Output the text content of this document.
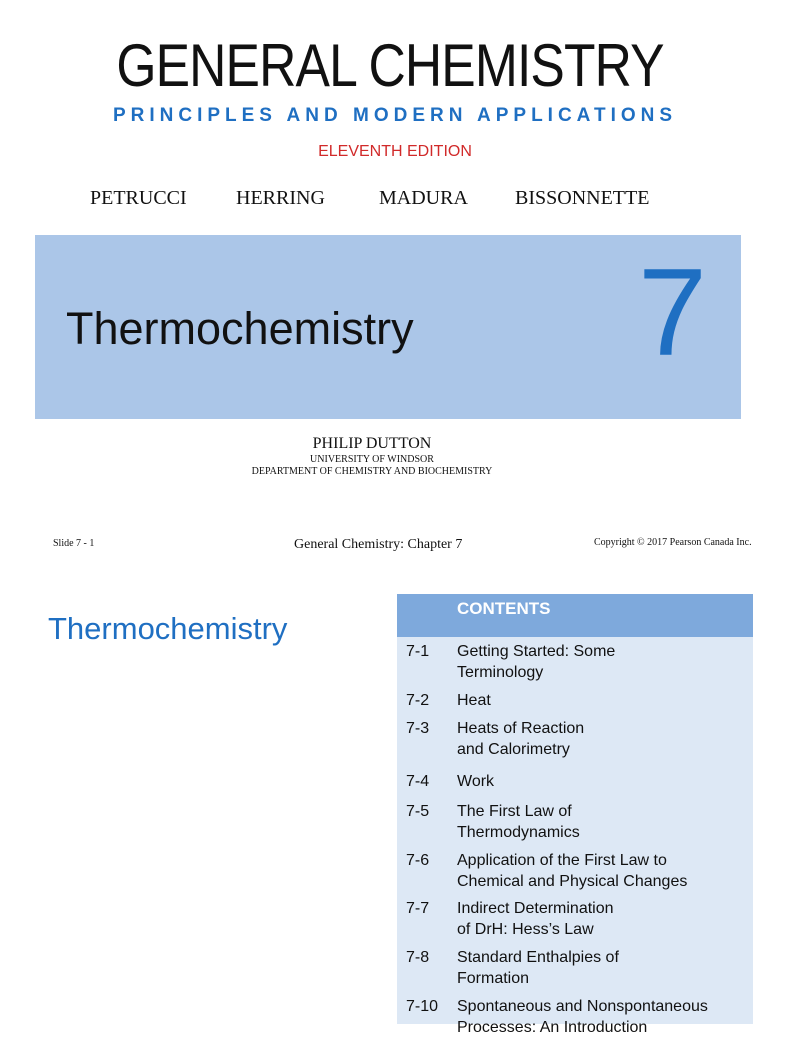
GENERAL CHEMISTRY
PRINCIPLES AND MODERN APPLICATIONS
ELEVENTH EDITION
PETRUCCI HERRING	MADURA BISSONNETTE
Thermochemistry 7
PHILIP DUTTON
UNIVERSITY OF WINDSOR
DEPARTMENT OF CHEMISTRY AND BIOCHEMISTRY
Slide 7 - 1	General Chemistry: Chapter 7	Copyright © 2017 Pearson Canada Inc.
Thermochemistry
CONTENTS
7-1 Getting Started: Some
Terminology
7-2 Heat
7-3 Heats of Reaction
and Calorimetry
7-4 Work
7-5 The First Law of
Thermodynamics
7-6 Application of the First Law to
Chemical and Physical Changes
7-7 Indirect Determination
of DrH: Hess’s Law
7-8 Standard Enthalpies of
Formation
7-10 Spontaneous and Nonspontaneous
Processes: An Introduction
